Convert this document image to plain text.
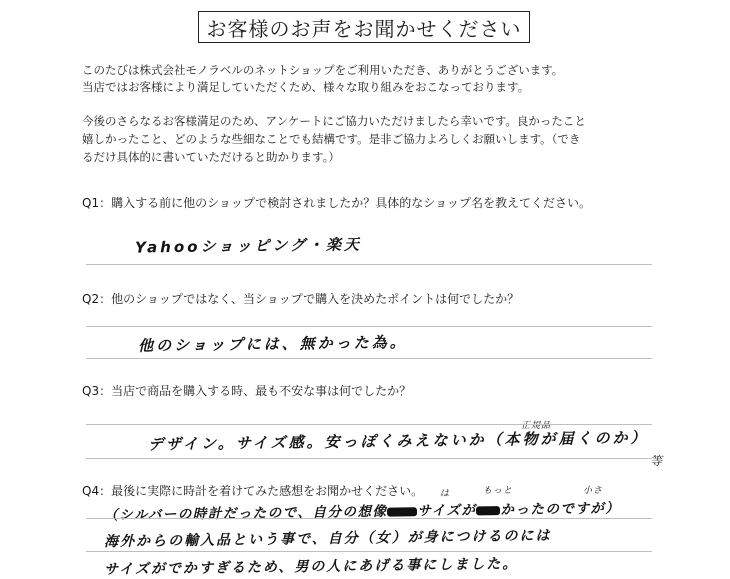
お客様のお声をお聞かせください
このたびは株式会社モノラベルのネットショップをご利用いただき、ありがとうございます。
当店ではお客様により満足していただくため、様々な取り組みをおこなっております。
今後のさらなるお客様満足のため、アンケートにご協力いただけましたら幸いです。良かったこと
嬉しかったこと、どのような些細なことでも結構です。是非ご協力よろしくお願いします。（でき
るだけ具体的に書いていただけると助かります。）
Q1：購入する前に他のショップで検討されましたか？具体的なショップ名を教えてください。
Yahooショッピング・楽天
Q2：他のショップではなく、当ショップで購入を決めたポイントは何でしたか？
他のショップには、無かった為。
Q3：当店で商品を購入する時、最も不安な事は何でしたか？
正規品
デザイン。サイズ感。安っぽくみえないか（本物が届くのか）
等
Q4：最後に実際に時計を着けてみた感想をお聞かせください。 は	もっと	小さ
（シルバーの時計だったので、自分の想像 サイズが かったのですが）
海外からの輸入品という事で、自分（女）が身につけるのには
サイズがでかすぎるため、男の人にあげる事にしました。
